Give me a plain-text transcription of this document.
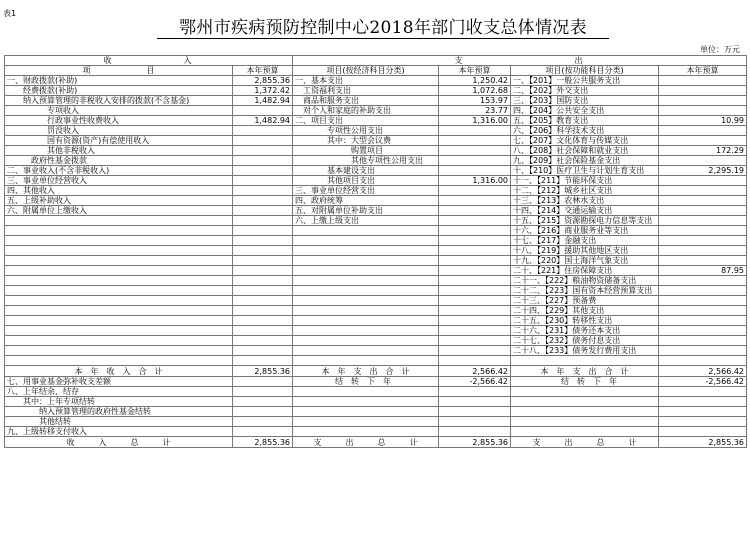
表1
鄂州市疾病预防控制中心2018年部门收支总体情况表
单位：万元
收　　　　　　　入		支　　　　　　　　　　　出			
项　　　　　　　目	本年预算	项目(按经济科目分类)	本年预算	项目(按功能科目分类)	本年预算
一、财政拨款(补助)	2,855.36	一、基本支出	1,250.42	一、【201】一般公共服务支出	
　　经费拨款(补助)	1,372.42	　工资福利支出	1,072.68	二、【202】外交支出	
　　纳入预算管理的非税收入安排的拨款(不含基金)	1,482.94	　商品和服务支出	153.97	三、【203】国防支出	
　　　　　专项收入		　对个人和家庭的补助支出	23.77	四、【204】公共安全支出	
　　　　　行政事业性收费收入	1,482.94	二、项目支出	1,316.00	五、【205】教育支出	10.99
　　　　　罚没收入		　　　　专项性公用支出		六、【206】科学技术支出	
　　　　　国有资源(资产)有偿使用收入		　　　　其中：大型会议费		七、【207】文化体育与传媒支出	
　　　　　其他非税收入		　　　　　　　购置项目		八、【208】社会保障和就业支出	172.29
　　　政府性基金拨款		　　　　　　　其他专项性公用支出		九、【209】社会保险基金支出	
二、事业收入(不含非税收入)		　　　　基本建设支出		十、【210】医疗卫生与计划生育支出	2,295.19
三、事业单位经营收入		　　　　其他项目支出	1,316.00	十一、【211】节能环保支出	
四、其他收入		三、事业单位经营支出		十二、【212】城乡社区支出	
五、上级补助收入		四、政府统筹		十三、【213】农林水支出	
六、附属单位上缴收入		五、对附属单位补助支出		十四、【214】交通运输支出	
		六、上缴上级支出		十五、【215】资源勘探电力信息等支出	
				十六、【216】商业服务业等支出	
				十七、【217】金融支出	
				十八、【219】援助其他地区支出	
				十九、【220】国土海洋气象支出	
				二十、【221】住房保障支出	87.95
				二十一、【222】粮油物资储备支出	
				二十二、【223】国有资本经营预算支出	
				二十三、【227】预备费	
				二十四、【229】其他支出	
				二十五、【230】转移性支出	
				二十六、【231】债务还本支出	
				二十七、【232】债务付息支出	
				二十八、【233】债务发行费用支出	

本　年　收　入　合　计	2,855.36	本　年　支　出　合　计	2,566.42	本　年　支　出　合　计	2,566.42
七、用事业基金弥补收支差额		　　　　　结　转　下　年	-2,566.42	　　　　　　结　转　下　年	-2,566.42
八、上年结余、结存					
　　其中：上年专项结转					
　　　　纳入预算管理的政府性基金结转					
　　　　其他结转					
九、上级转移支付收入					
收　　　入　　　总　　　计	2,855.36	支　　　出　　　总　　　计	2,855.36	支　　　出　　　总　　　计	2,855.36
